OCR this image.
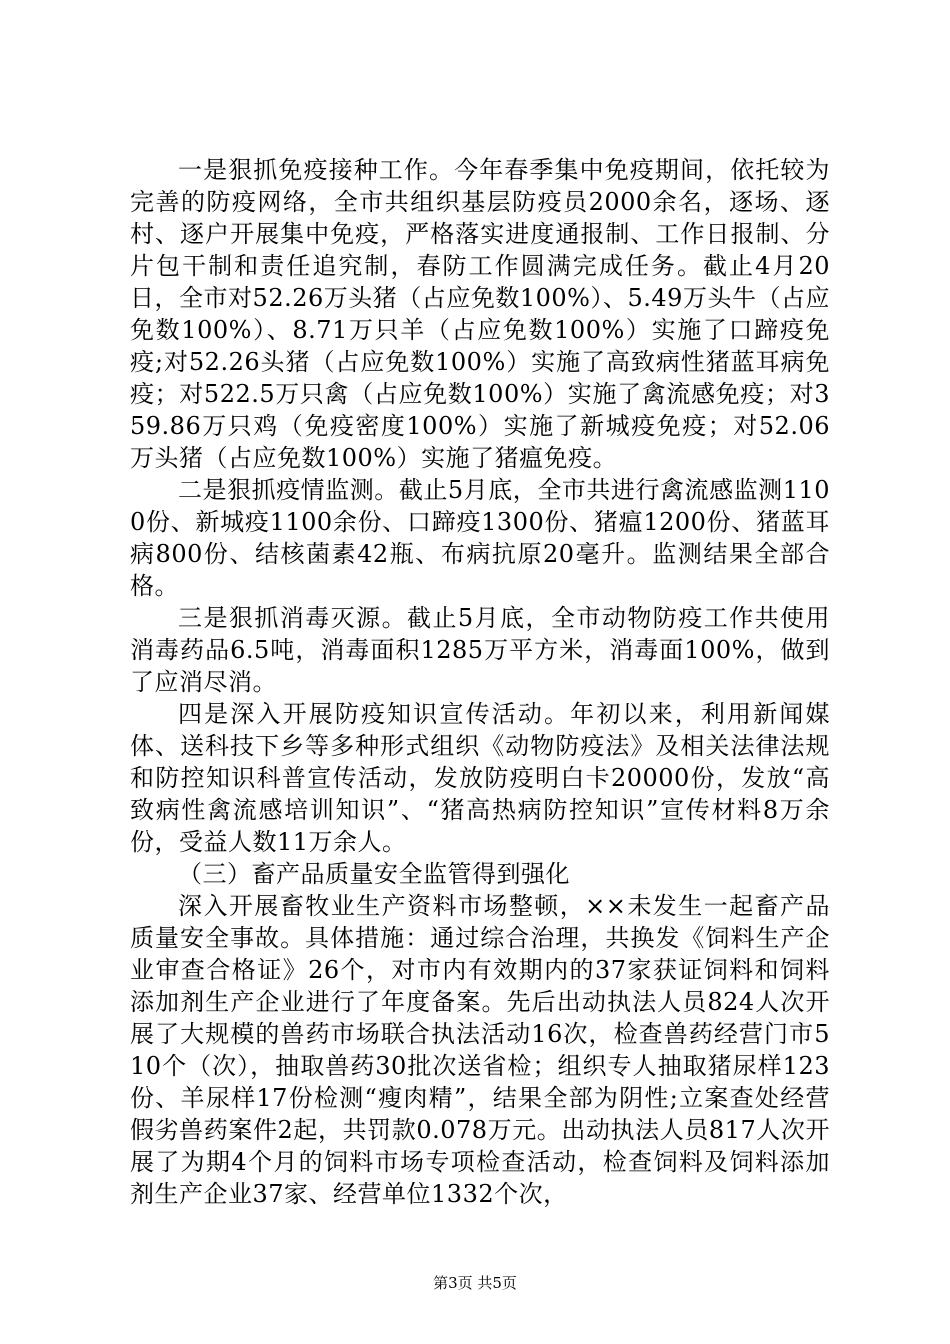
一是狠抓免疫接种工作。今年春季集中免疫期间，依托较为完善的防疫网络，全市共组织基层防疫员2000余名，逐场、逐村、逐户开展集中免疫，严格落实进度通报制、工作日报制、分片包干制和责任追究制，春防工作圆满完成任务。截止4月20日，全市对52.26万头猪（占应免数100%）、5.49万头牛（占应免数100%）、8.71万只羊（占应免数100%）实施了口蹄疫免疫;对52.26头猪（占应免数100%）实施了高致病性猪蓝耳病免疫；对522.5万只禽（占应免数100%）实施了禽流感免疫；对359.86万只鸡（免疫密度100%）实施了新城疫免疫；对52.06万头猪（占应免数100%）实施了猪瘟免疫。

二是狠抓疫情监测。截止5月底，全市共进行禽流感监测1100份、新城疫1100余份、口蹄疫1300份、猪瘟1200份、猪蓝耳病800份、结核菌素42瓶、布病抗原20毫升。监测结果全部合格。

三是狠抓消毒灭源。截止5月底，全市动物防疫工作共使用消毒药品6.5吨，消毒面积1285万平方米，消毒面100%，做到了应消尽消。

四是深入开展防疫知识宣传活动。年初以来，利用新闻媒体、送科技下乡等多种形式组织《动物防疫法》及相关法律法规和防控知识科普宣传活动，发放防疫明白卡20000份，发放“高致病性禽流感培训知识”、“猪高热病防控知识”宣传材料8万余份，受益人数11万余人。

（三）畜产品质量安全监管得到强化

深入开展畜牧业生产资料市场整顿，××未发生一起畜产品质量安全事故。具体措施：通过综合治理，共换发《饲料生产企业审查合格证》26个，对市内有效期内的37家获证饲料和饲料添加剂生产企业进行了年度备案。先后出动执法人员824人次开展了大规模的兽药市场联合执法活动16次，检查兽药经营门市510个（次），抽取兽药30批次送省检；组织专人抽取猪尿样123份、羊尿样17份检测“瘦肉精”，结果全部为阴性;立案查处经营假劣兽药案件2起，共罚款0.078万元。出动执法人员817人次开展了为期4个月的饲料市场专项检查活动，检查饲料及饲料添加剂生产企业37家、经营单位1332个次，

第3页 共5页
